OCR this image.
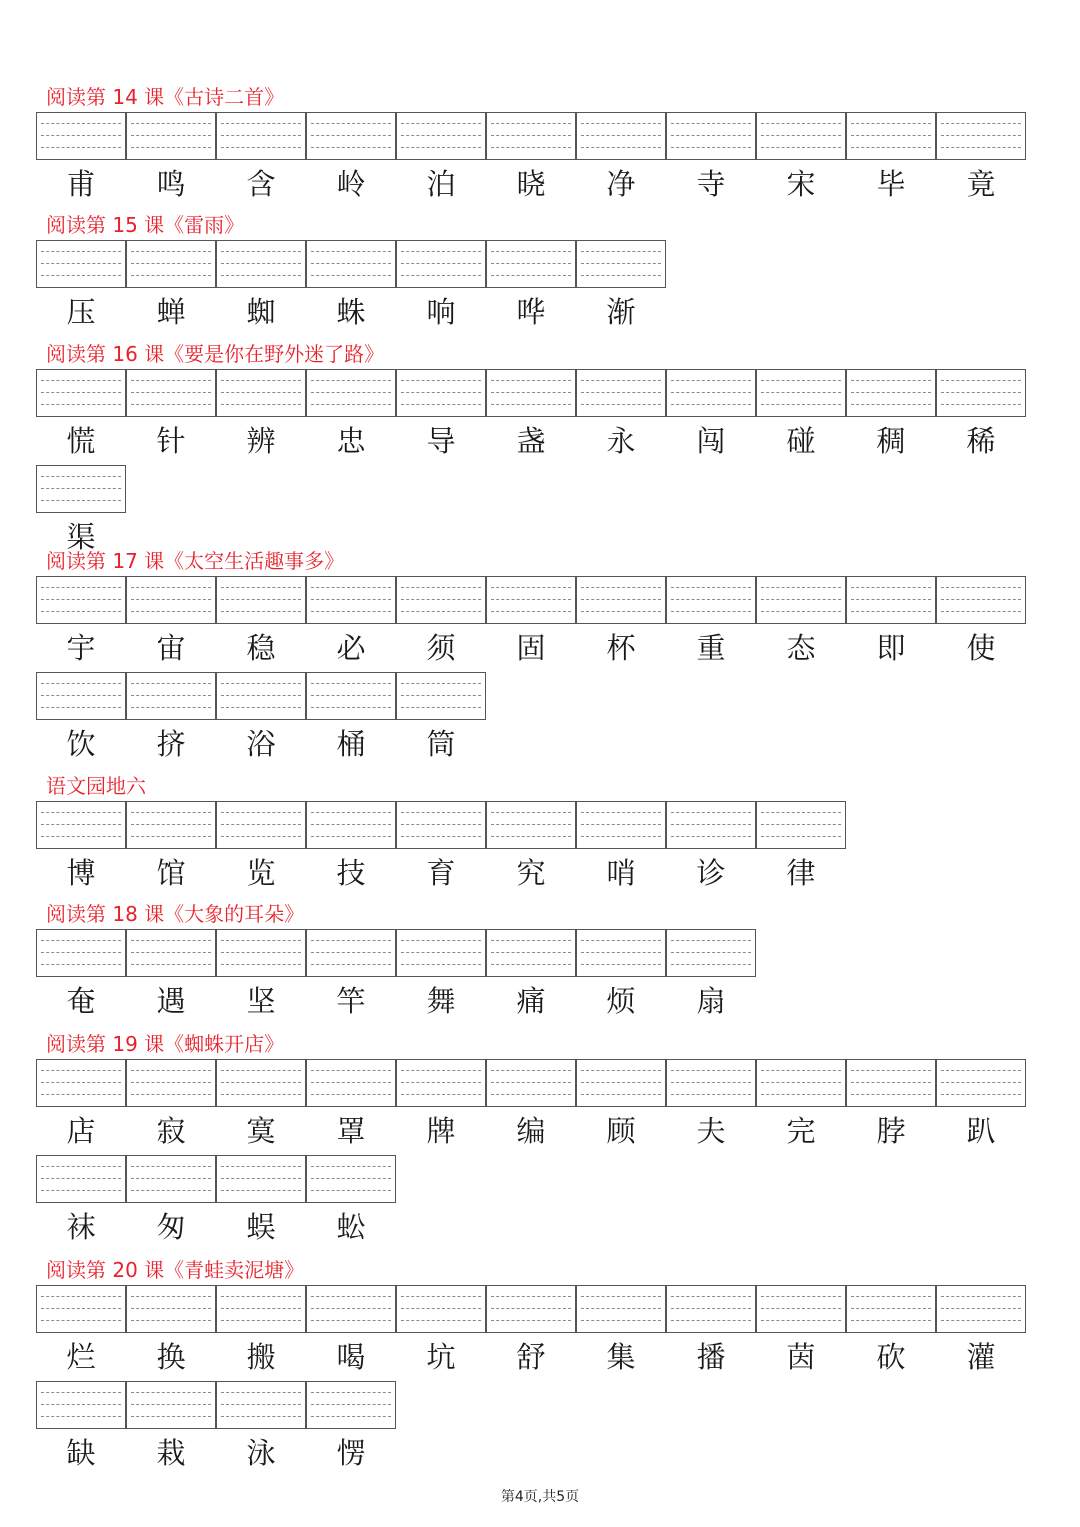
阅读第 14 课《古诗二首》
甫	鸣	含	岭	泊	晓	净	寺	宋	毕	竟
阅读第 15 课《雷雨》
压	蝉	蜘	蛛	响	哗	渐
阅读第 16 课《要是你在野外迷了路》
慌	针	辨	忠	导	盏	永	闯	碰	稠	稀
渠
阅读第 17 课《太空生活趣事多》
宇	宙	稳	必	须	固	杯	重	态	即	使
饮	挤	浴	桶	筒
语文园地六
博	馆	览	技	育	究	哨	诊	律
阅读第 18 课《大象的耳朵》
奄	遇	坚	竿	舞	痛	烦	扇
阅读第 19 课《蜘蛛开店》
店	寂	寞	罩	牌	编	顾	夫	完	脖	趴
袜	匆	蜈	蚣
阅读第 20 课《青蛙卖泥塘》
烂	换	搬	喝	坑	舒	集	播	茵	砍	灌
缺	栽	泳	愣
第4页,共5页
